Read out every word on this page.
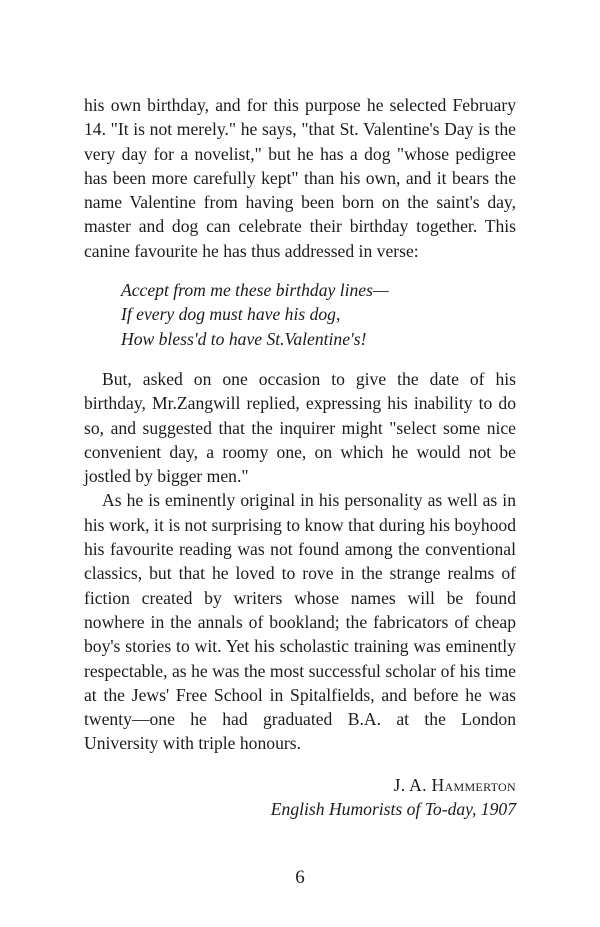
his own birthday, and for this purpose he selected February 14. "It is not merely." he says, "that St. Valentine's Day is the very day for a novelist," but he has a dog "whose pedigree has been more carefully kept" than his own, and it bears the name Valentine from having been born on the saint's day, master and dog can celebrate their birthday together. This canine favourite he has thus addressed in verse:

Accept from me these birthday lines—
If every dog must have his dog,
How bless'd to have St.Valentine's!

But, asked on one occasion to give the date of his birthday, Mr.Zangwill replied, expressing his inability to do so, and suggested that the inquirer might "select some nice convenient day, a roomy one, on which he would not be jostled by bigger men."

As he is eminently original in his personality as well as in his work, it is not surprising to know that during his boyhood his favourite reading was not found among the conventional classics, but that he loved to rove in the strange realms of fiction created by writers whose names will be found nowhere in the annals of bookland; the fabricators of cheap boy's stories to wit. Yet his scholastic training was eminently respectable, as he was the most successful scholar of his time at the Jews' Free School in Spitalfields, and before he was twenty—one he had graduated B.A. at the London University with triple honours.

J. A. Hammerton
English Humorists of To-day, 1907
6
